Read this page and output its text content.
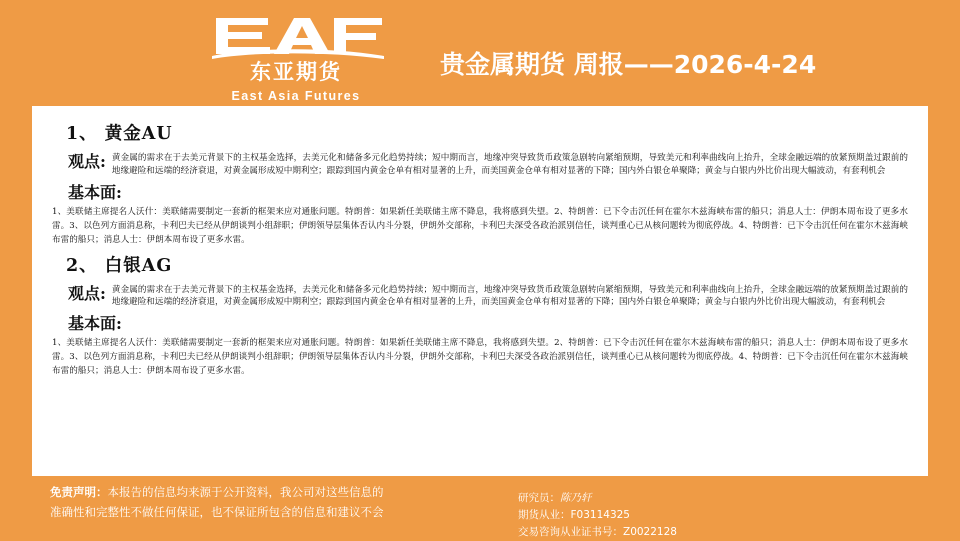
东亚期货
East Asia Futures
贵金属期货 周报——2026-4-24
1、 黄金AU
观点: 黄金属的需求在于去美元背景下的主权基金选择，去美元化和储备多元化趋势持续；短中期而言，地缘冲突导致货币政策急剧转向紧缩预期，导致美元和利率曲线向上抬升，全球金融远端的放紧预期盖过跟前的地缘避险和远端的经济衰退，对黄金属形成短中期利空；跟踪到国内黄金仓单有相对显著的上升，而美国黄金仓单有相对显著的下降；国内外白银仓单聚降；黄金与白银内外比价出现大幅波动，有套利机会
基本面:
1、美联储主席提名人沃什：美联储需要制定一套新的框架来应对通胀问题。特朗普：如果新任美联储主席不降息，我将感到失望。2、特朗普：已下令击沉任何在霍尔木兹海峡布雷的船只；消息人士：伊朗本周布设了更多水雷。3、以色列方面消息称，卡利巴夫已经从伊朗谈判小组辞职；伊朗领导层集体否认内斗分裂，伊朗外交部称，卡利巴夫深受各政治派别信任，谈判重心已从核问题转为彻底停战。4、特朗普：已下令击沉任何在霍尔木兹海峡布雷的船只；消息人士：伊朗本周布设了更多水雷。
2、 白银AG
观点: 黄金属的需求在于去美元背景下的主权基金选择，去美元化和储备多元化趋势持续；短中期而言，地缘冲突导致货币政策急剧转向紧缩预期，导致美元和利率曲线向上抬升，全球金融远端的放紧预期盖过跟前的地缘避险和远端的经济衰退，对黄金属形成短中期利空；跟踪到国内黄金仓单有相对显著的上升，而美国黄金仓单有相对显著的下降；国内外白银仓单聚降；黄金与白银内外比价出现大幅波动，有套利机会
基本面:
1、美联储主席提名人沃什：美联储需要制定一套新的框架来应对通胀问题。特朗普：如果新任美联储主席不降息，我将感到失望。2、特朗普：已下令击沉任何在霍尔木兹海峡布雷的船只；消息人士：伊朗本周布设了更多水雷。3、以色列方面消息称，卡利巴夫已经从伊朗谈判小组辞职；伊朗领导层集体否认内斗分裂，伊朗外交部称，卡利巴夫深受各政治派别信任，谈判重心已从核问题转为彻底停战。4、特朗普：已下令击沉任何在霍尔木兹海峡布雷的船只；消息人士：伊朗本周布设了更多水雷。
免责声明：本报告的信息均来源于公开资料，我公司对这些信息的
准确性和完整性不做任何保证，也不保证所包含的信息和建议不会
研究员：陈乃轩
期货从业：F03114325
交易咨询从业证书号：Z0022128
